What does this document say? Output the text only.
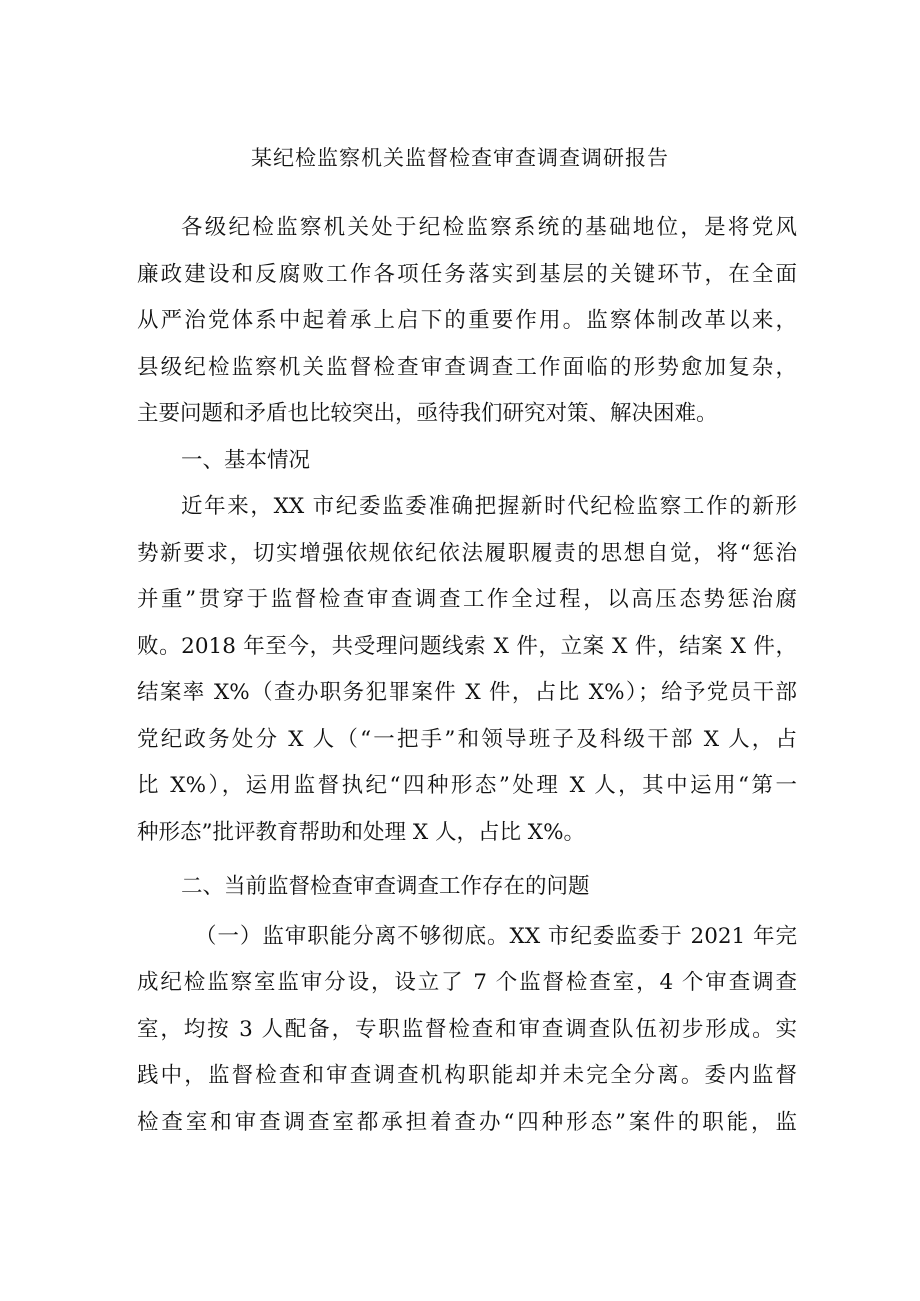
某纪检监察机关监督检查审查调查调研报告
各级纪检监察机关处于纪检监察系统的基础地位，是将党风
廉政建设和反腐败工作各项任务落实到基层的关键环节，在全面
从严治党体系中起着承上启下的重要作用。监察体制改革以来，
县级纪检监察机关监督检查审查调查工作面临的形势愈加复杂，
主要问题和矛盾也比较突出，亟待我们研究对策、解决困难。
一、基本情况
近年来，XX 市纪委监委准确把握新时代纪检监察工作的新形
势新要求，切实增强依规依纪依法履职履责的思想自觉，将“惩治
并重”贯穿于监督检查审查调查工作全过程，以高压态势惩治腐
败。2018 年至今，共受理问题线索 X 件，立案 X 件，结案 X 件，
结案率 X%（查办职务犯罪案件 X 件，占比 X%）；给予党员干部
党纪政务处分 X 人（“一把手”和领导班子及科级干部 X 人，占
比 X%），运用监督执纪“四种形态”处理 X 人，其中运用“第一
种形态”批评教育帮助和处理 X 人，占比 X%。
二、当前监督检查审查调查工作存在的问题
（一）监审职能分离不够彻底。XX 市纪委监委于 2021 年完
成纪检监察室监审分设，设立了 7 个监督检查室，4 个审查调查
室，均按 3 人配备，专职监督检查和审查调查队伍初步形成。实
践中，监督检查和审查调查机构职能却并未完全分离。委内监督
检查室和审查调查室都承担着查办“四种形态”案件的职能，监
